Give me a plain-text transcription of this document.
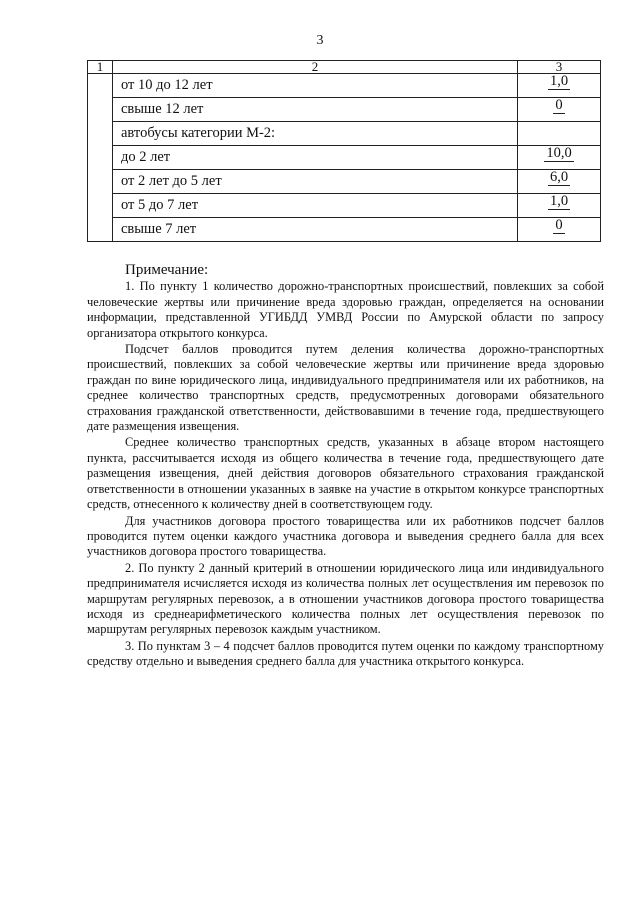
3
1	2	3
	от 10 до 12 лет	1,0
	свыше 12 лет	0
	автобусы категории М-2:	
	до 2 лет	10,0
	от 2 лет до 5 лет	6,0
	от 5 до 7 лет	1,0
	свыше 7 лет	0
Примечание:

1. По пункту 1 количество дорожно-транспортных происшествий, повлекших за собой человеческие жертвы или причинение вреда здоровью граждан, определяется на основании информации, представленной УГИБДД УМВД России по Амурской области по запросу организатора открытого конкурса.

Подсчет баллов проводится путем деления количества дорожно-транспортных происшествий, повлекших за собой человеческие жертвы или причинение вреда здоровью граждан по вине юридического лица, индивидуального предпринимателя или их работников, на среднее количество транспортных средств, предусмотренных договорами обязательного страхования гражданской ответственности, действовавшими в течение года, предшествующего дате размещения извещения.

Среднее количество транспортных средств, указанных в абзаце втором настоящего пункта, рассчитывается исходя из общего количества в течение года, предшествующего дате размещения извещения, дней действия договоров обязательного страхования гражданской ответственности в отношении указанных в заявке на участие в открытом конкурсе транспортных средств, отнесенного к количеству дней в соответствующем году.

Для участников договора простого товарищества или их работников подсчет баллов проводится путем оценки каждого участника договора и выведения среднего балла для всех участников договора простого товарищества.

2. По пункту 2 данный критерий в отношении юридического лица или индивидуального предпринимателя исчисляется исходя из количества полных лет осуществления им перевозок по маршрутам регулярных перевозок, а в отношении участников договора простого товарищества исходя из среднеарифметического количества полных лет осуществления перевозок по маршрутам регулярных перевозок каждым участником.

3. По пунктам 3 – 4 подсчет баллов проводится путем оценки по каждому транспортному средству отдельно и выведения среднего балла для участника открытого конкурса.
